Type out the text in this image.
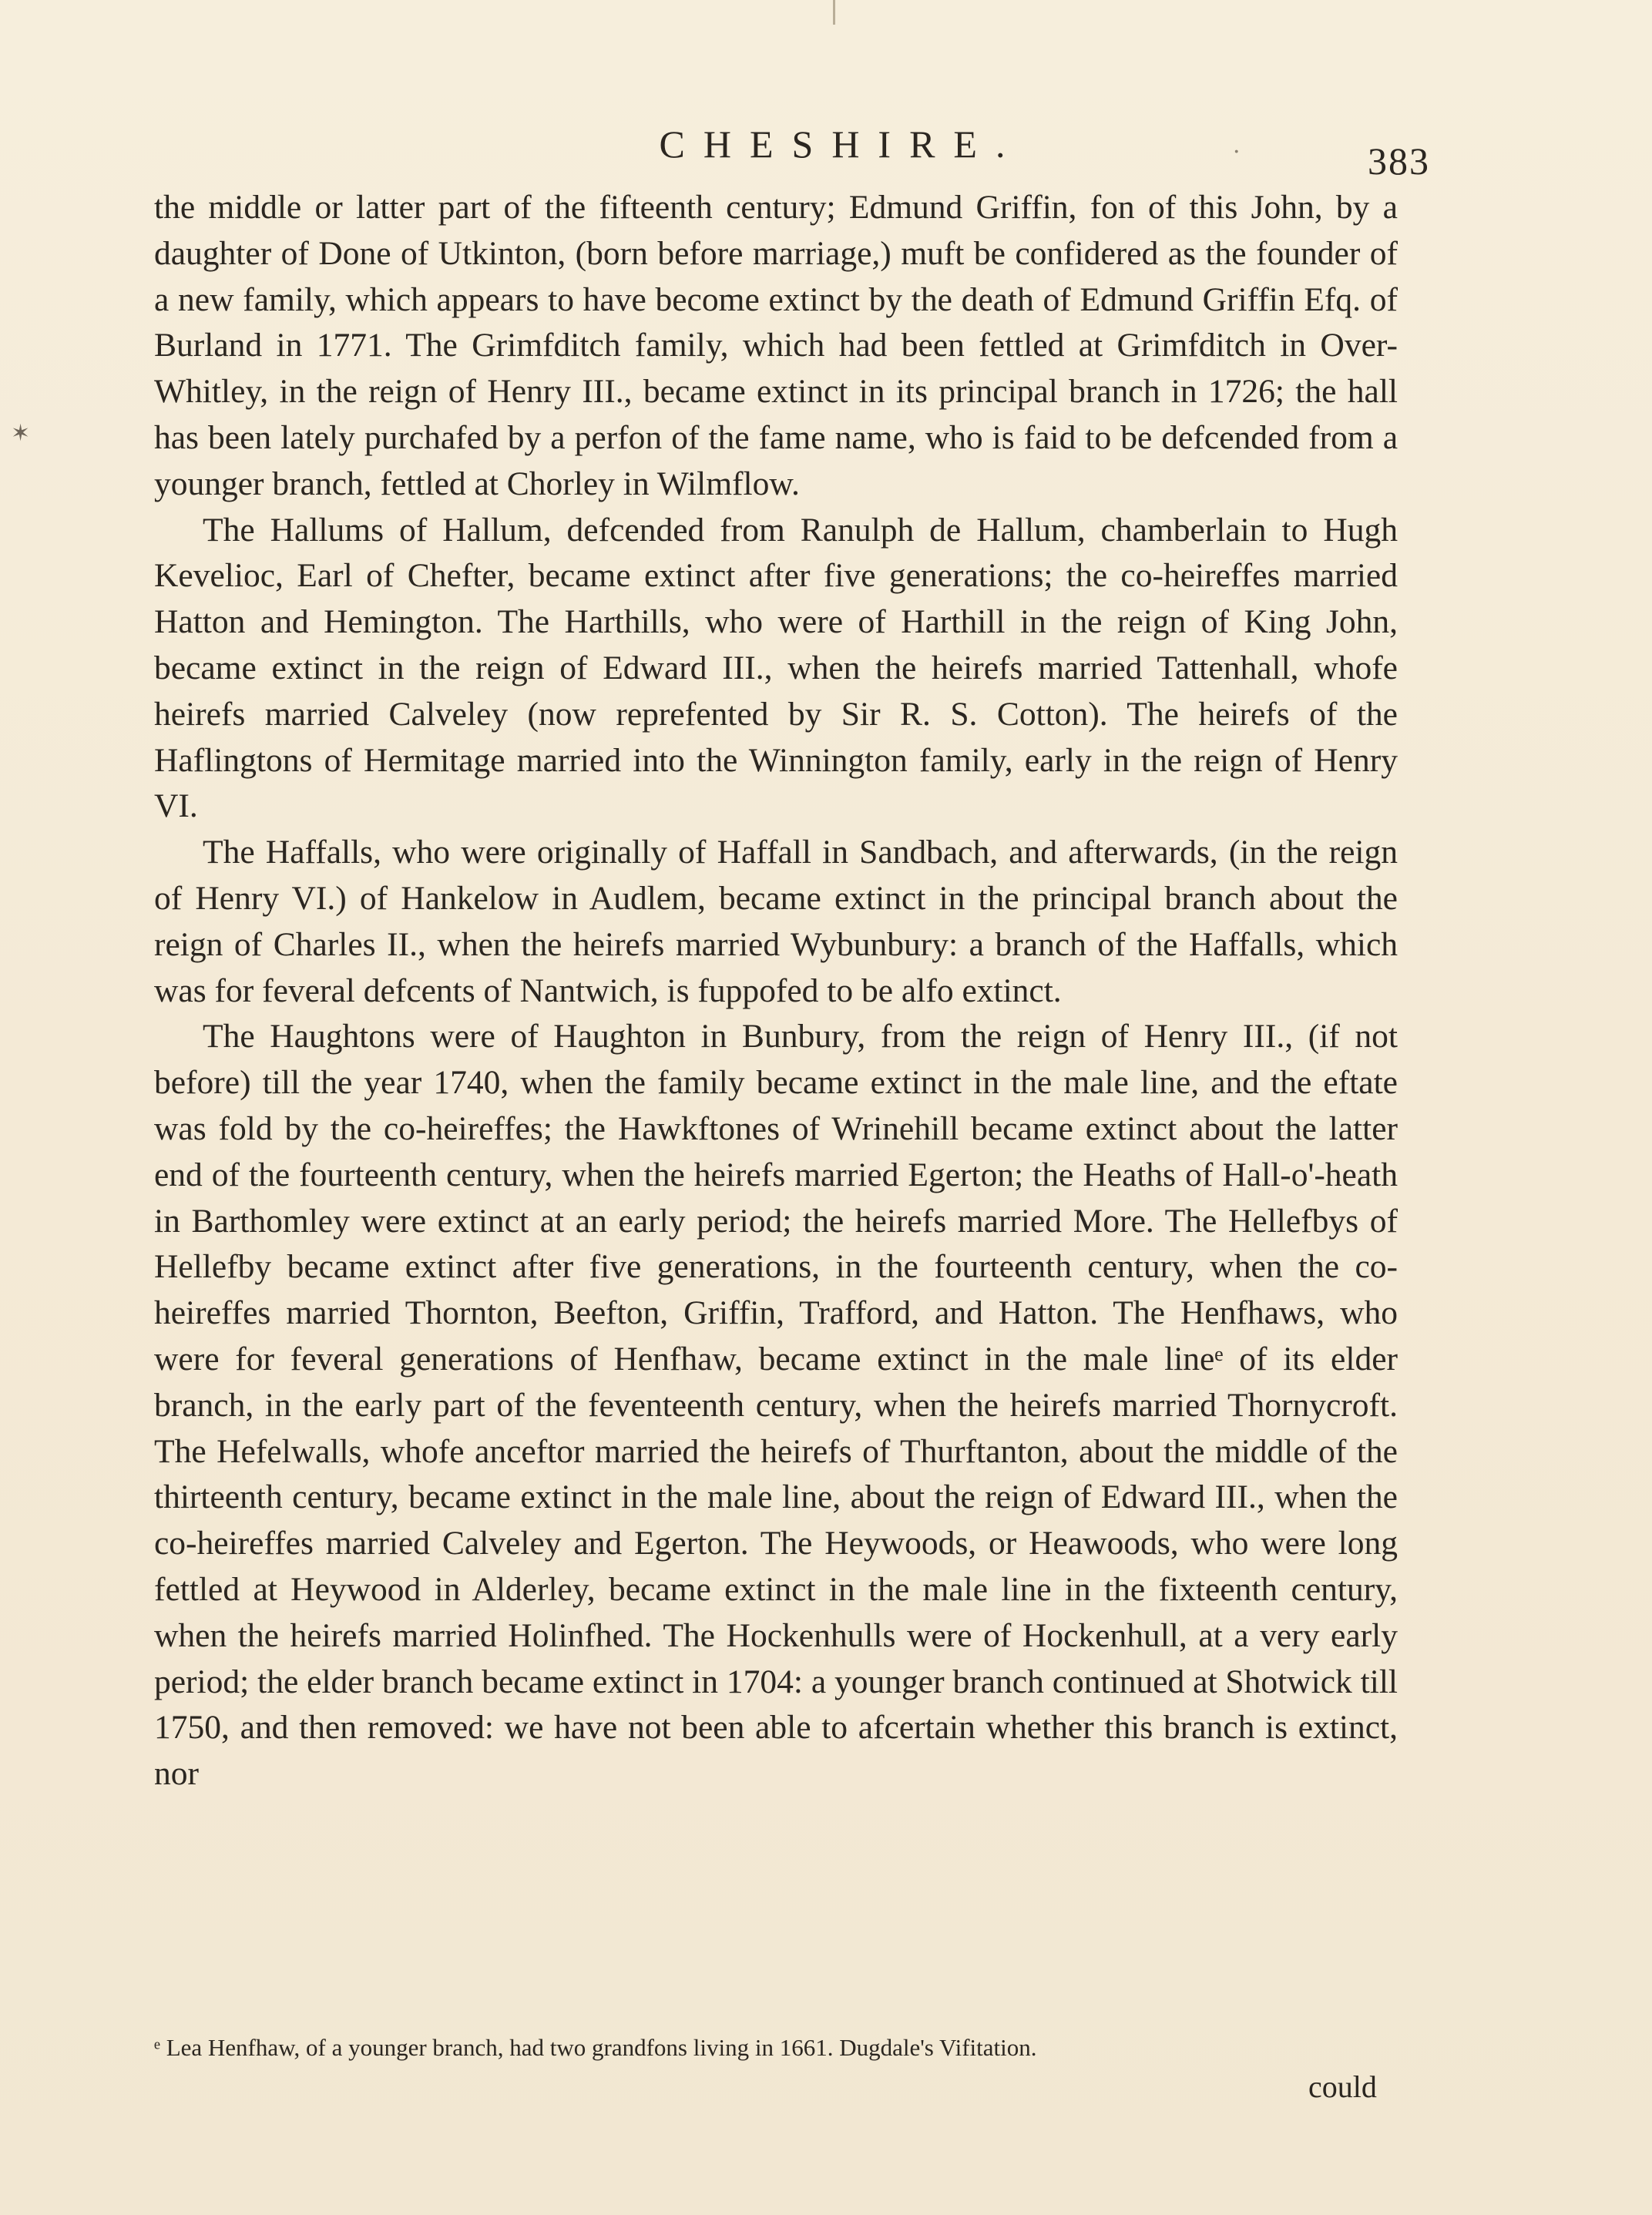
CHESHIRE.	·	383
✶

the middle or latter part of the fifteenth century; Edmund Griffin, fon of this John, by a daughter of Done of Utkinton, (born before marriage,) muft be confidered as the founder of a new family, which appears to have become extinct by the death of Edmund Griffin Efq. of Burland in 1771. The Grimfditch family, which had been fettled at Grimfditch in Over-Whitley, in the reign of Henry III., became extinct in its principal branch in 1726; the hall has been lately purchafed by a perfon of the fame name, who is faid to be defcended from a younger branch, fettled at Chorley in Wilmflow.

The Hallums of Hallum, defcended from Ranulph de Hallum, chamberlain to Hugh Kevelioc, Earl of Chefter, became extinct after five generations; the co-heireffes married Hatton and Hemington. The Harthills, who were of Harthill in the reign of King John, became extinct in the reign of Edward III., when the heirefs married Tattenhall, whofe heirefs married Calveley (now reprefented by Sir R. S. Cotton). The heirefs of the Haflingtons of Hermitage married into the Winnington family, early in the reign of Henry VI.

The Haffalls, who were originally of Haffall in Sandbach, and afterwards, (in the reign of Henry VI.) of Hankelow in Audlem, became extinct in the principal branch about the reign of Charles II., when the heirefs married Wybunbury: a branch of the Haffalls, which was for feveral defcents of Nantwich, is fuppofed to be alfo extinct.

The Haughtons were of Haughton in Bunbury, from the reign of Henry III., (if not before) till the year 1740, when the family became extinct in the male line, and the eftate was fold by the co-heireffes; the Hawkftones of Wrinehill became extinct about the latter end of the fourteenth century, when the heirefs married Egerton; the Heaths of Hall-o'-heath in Barthomley were extinct at an early period; the heirefs married More. The Hellefbys of Hellefby became extinct after five generations, in the fourteenth century, when the co-heireffes married Thornton, Beefton, Griffin, Trafford, and Hatton. The Henfhaws, who were for feveral generations of Henfhaw, became extinct in the male lineᵉ of its elder branch, in the early part of the feventeenth century, when the heirefs married Thornycroft. The Hefelwalls, whofe anceftor married the heirefs of Thurftanton, about the middle of the thirteenth century, became extinct in the male line, about the reign of Edward III., when the co-heireffes married Calveley and Egerton. The Heywoods, or Heawoods, who were long fettled at Heywood in Alderley, became extinct in the male line in the fixteenth century, when the heirefs married Holinfhed. The Hockenhulls were of Hockenhull, at a very early period; the elder branch became extinct in 1704: a younger branch continued at Shotwick till 1750, and then removed: we have not been able to afcertain whether this branch is extinct, nor

ᵉ Lea Henfhaw, of a younger branch, had two grandfons living in 1661. Dugdale's Vifitation.
could
